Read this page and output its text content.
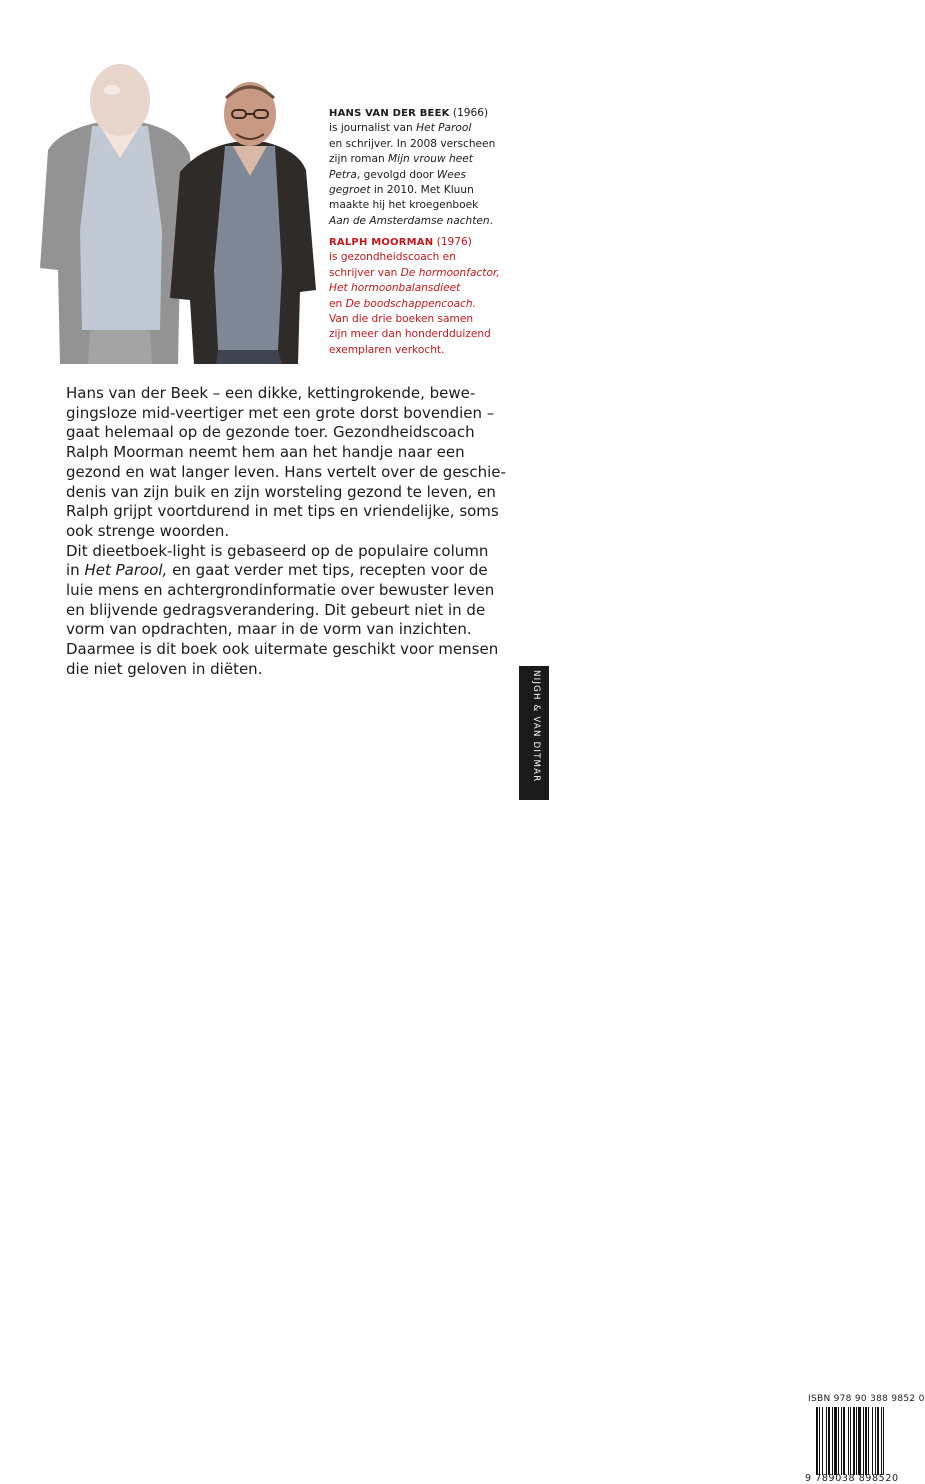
HANS VAN DER BEEK (1966)
is journalist van Het Parool
en schrijver. In 2008 verscheen
zijn roman Mijn vrouw heet
Petra, gevolgd door Wees
gegroet in 2010. Met Kluun
maakte hij het kroegenboek
Aan de Amsterdamse nachten.
RALPH MOORMAN (1976)
is gezondheidscoach en
schrijver van De hormoonfactor,
Het hormoonbalansdieet
en De boodschappencoach.
Van die drie boeken samen
zijn meer dan honderdduizend
exemplaren verkocht.
Hans van der Beek – een dikke, kettingrokende, bewe-
gingsloze mid-veertiger met een grote dorst bovendien –
gaat helemaal op de gezonde toer. Gezondheidscoach
Ralph Moorman neemt hem aan het handje naar een
gezond en wat langer leven. Hans vertelt over de geschie-
denis van zijn buik en zijn worsteling gezond te leven, en
Ralph grijpt voortdurend in met tips en vriendelijke, soms
ook strenge woorden.
Dit dieetboek-light is gebaseerd op de populaire column
in Het Parool, en gaat verder met tips, recepten voor de
luie mens en achtergrondinformatie over bewuster leven
en blijvende gedragsverandering. Dit gebeurt niet in de
vorm van opdrachten, maar in de vorm van inzichten.
Daarmee is dit boek ook uitermate geschikt voor mensen
die niet geloven in diëten.
ISBN 978 90 388 9852 0
9 789038 898520
NIJGH & VAN DITMAR
